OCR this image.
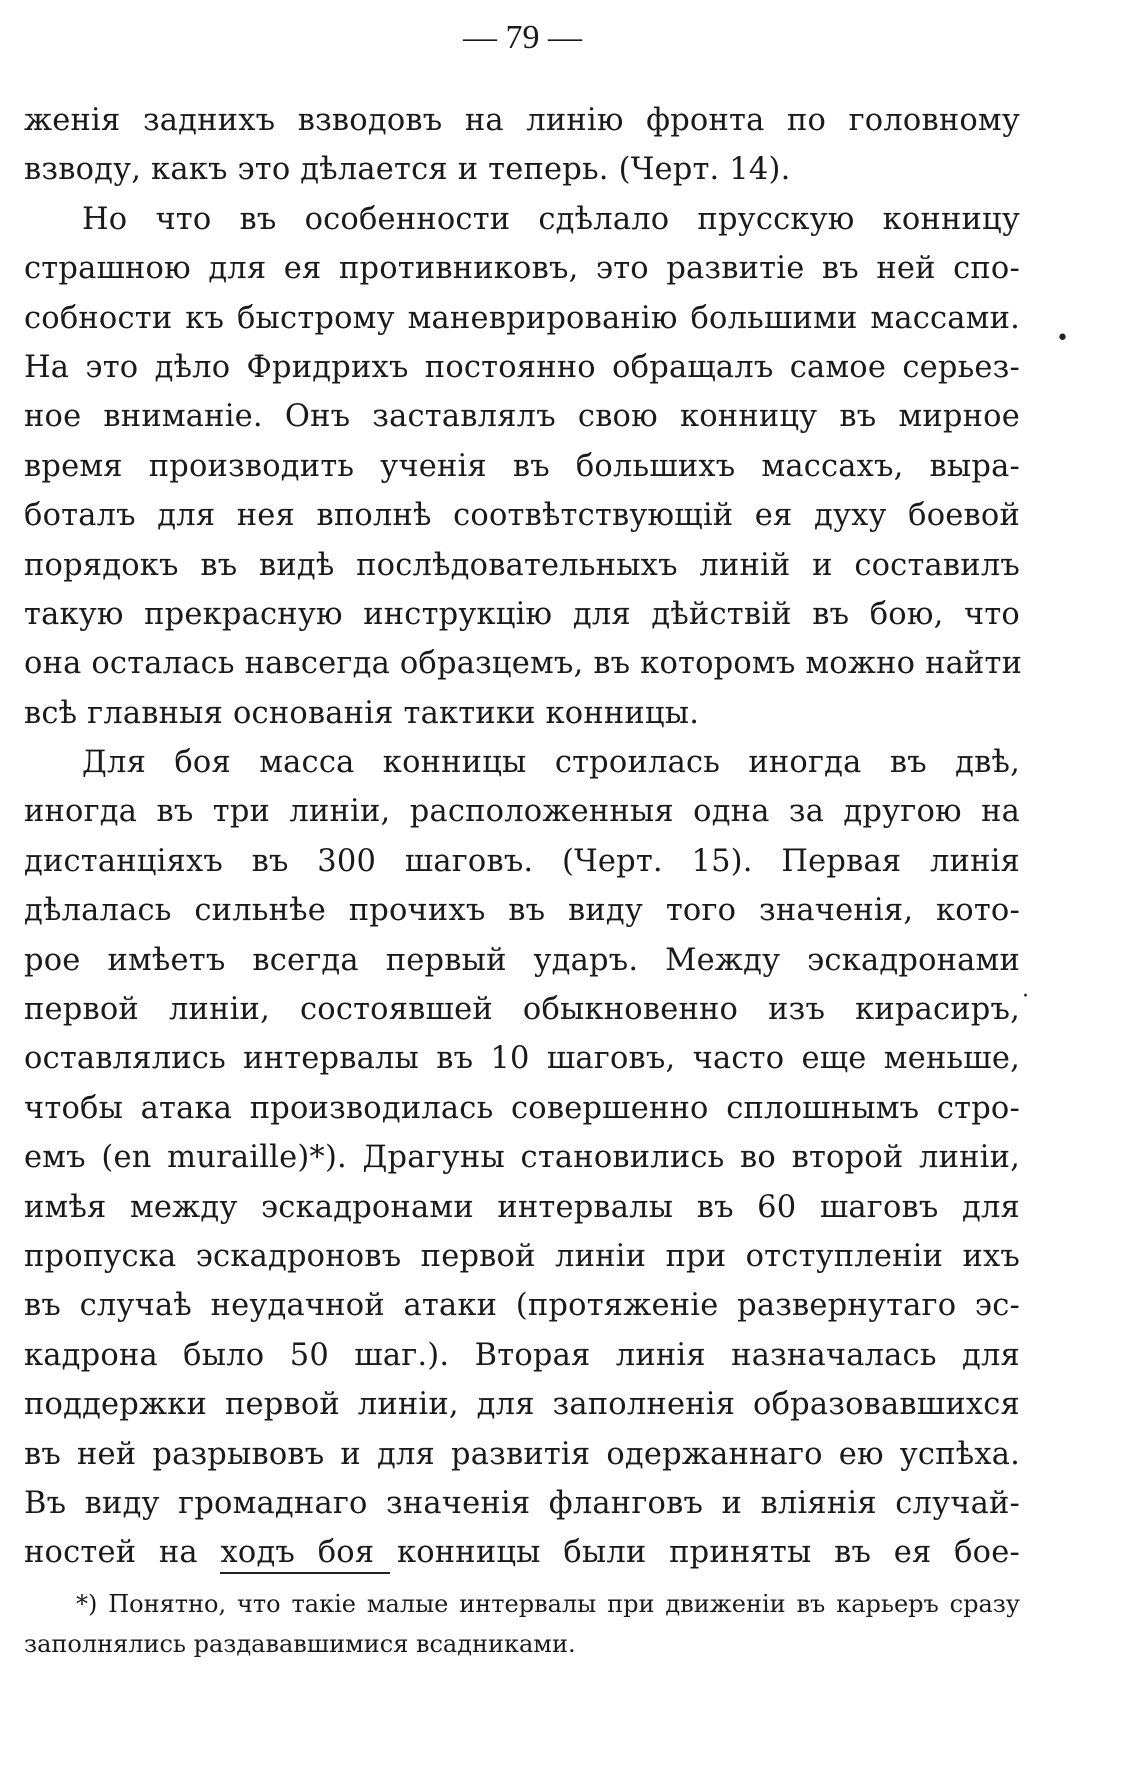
— 79 —
женія заднихъ взводовъ на линію фронта по головному
взводу, какъ это дѣлается и теперь. (Черт. 14).
Но что въ особенности сдѣлало прусскую конницу
страшною для ея противниковъ, это развитіе въ ней спо-
собности къ быстрому маневрированію большими массами.
На это дѣло Фридрихъ постоянно обращалъ самое серьез-
ное вниманіе. Онъ заставлялъ свою конницу въ мирное
время производить ученія въ большихъ массахъ, выра-
боталъ для нея вполнѣ соотвѣтствующій ея духу боевой
порядокъ въ видѣ послѣдовательныхъ линій и составилъ
такую прекрасную инструкцію для дѣйствій въ бою, что
она осталась навсегда образцемъ, въ которомъ можно найти
всѣ главныя основанія тактики конницы.
Для боя масса конницы строилась иногда въ двѣ,
иногда въ три линіи, расположенныя одна за другою на
дистанціяхъ въ 300 шаговъ. (Черт. 15). Первая линія
дѣлалась сильнѣе прочихъ въ виду того значенія, кото-
рое имѣетъ всегда первый ударъ. Между эскадронами
первой линіи, состоявшей обыкновенно изъ кирасиръ,
оставлялись интервалы въ 10 шаговъ, часто еще меньше,
чтобы атака производилась совершенно сплошнымъ стро-
емъ (en muraille)*). Драгуны становились во второй линіи,
имѣя между эскадронами интервалы въ 60 шаговъ для
пропуска эскадроновъ первой линіи при отступленіи ихъ
въ случаѣ неудачной атаки (протяженіе развернутаго эс-
кадрона было 50 шаг.). Вторая линія назначалась для
поддержки первой линіи, для заполненія образовавшихся
въ ней разрывовъ и для развитія одержаннаго ею успѣха.
Въ виду громаднаго значенія фланговъ и вліянія случай-
ностей на ходъ боя конницы были приняты въ ея бое-
•
·
*) Понятно, что такіе малые интервалы при движеніи въ карьеръ сразу
заполнялись раздававшимися всадниками.
